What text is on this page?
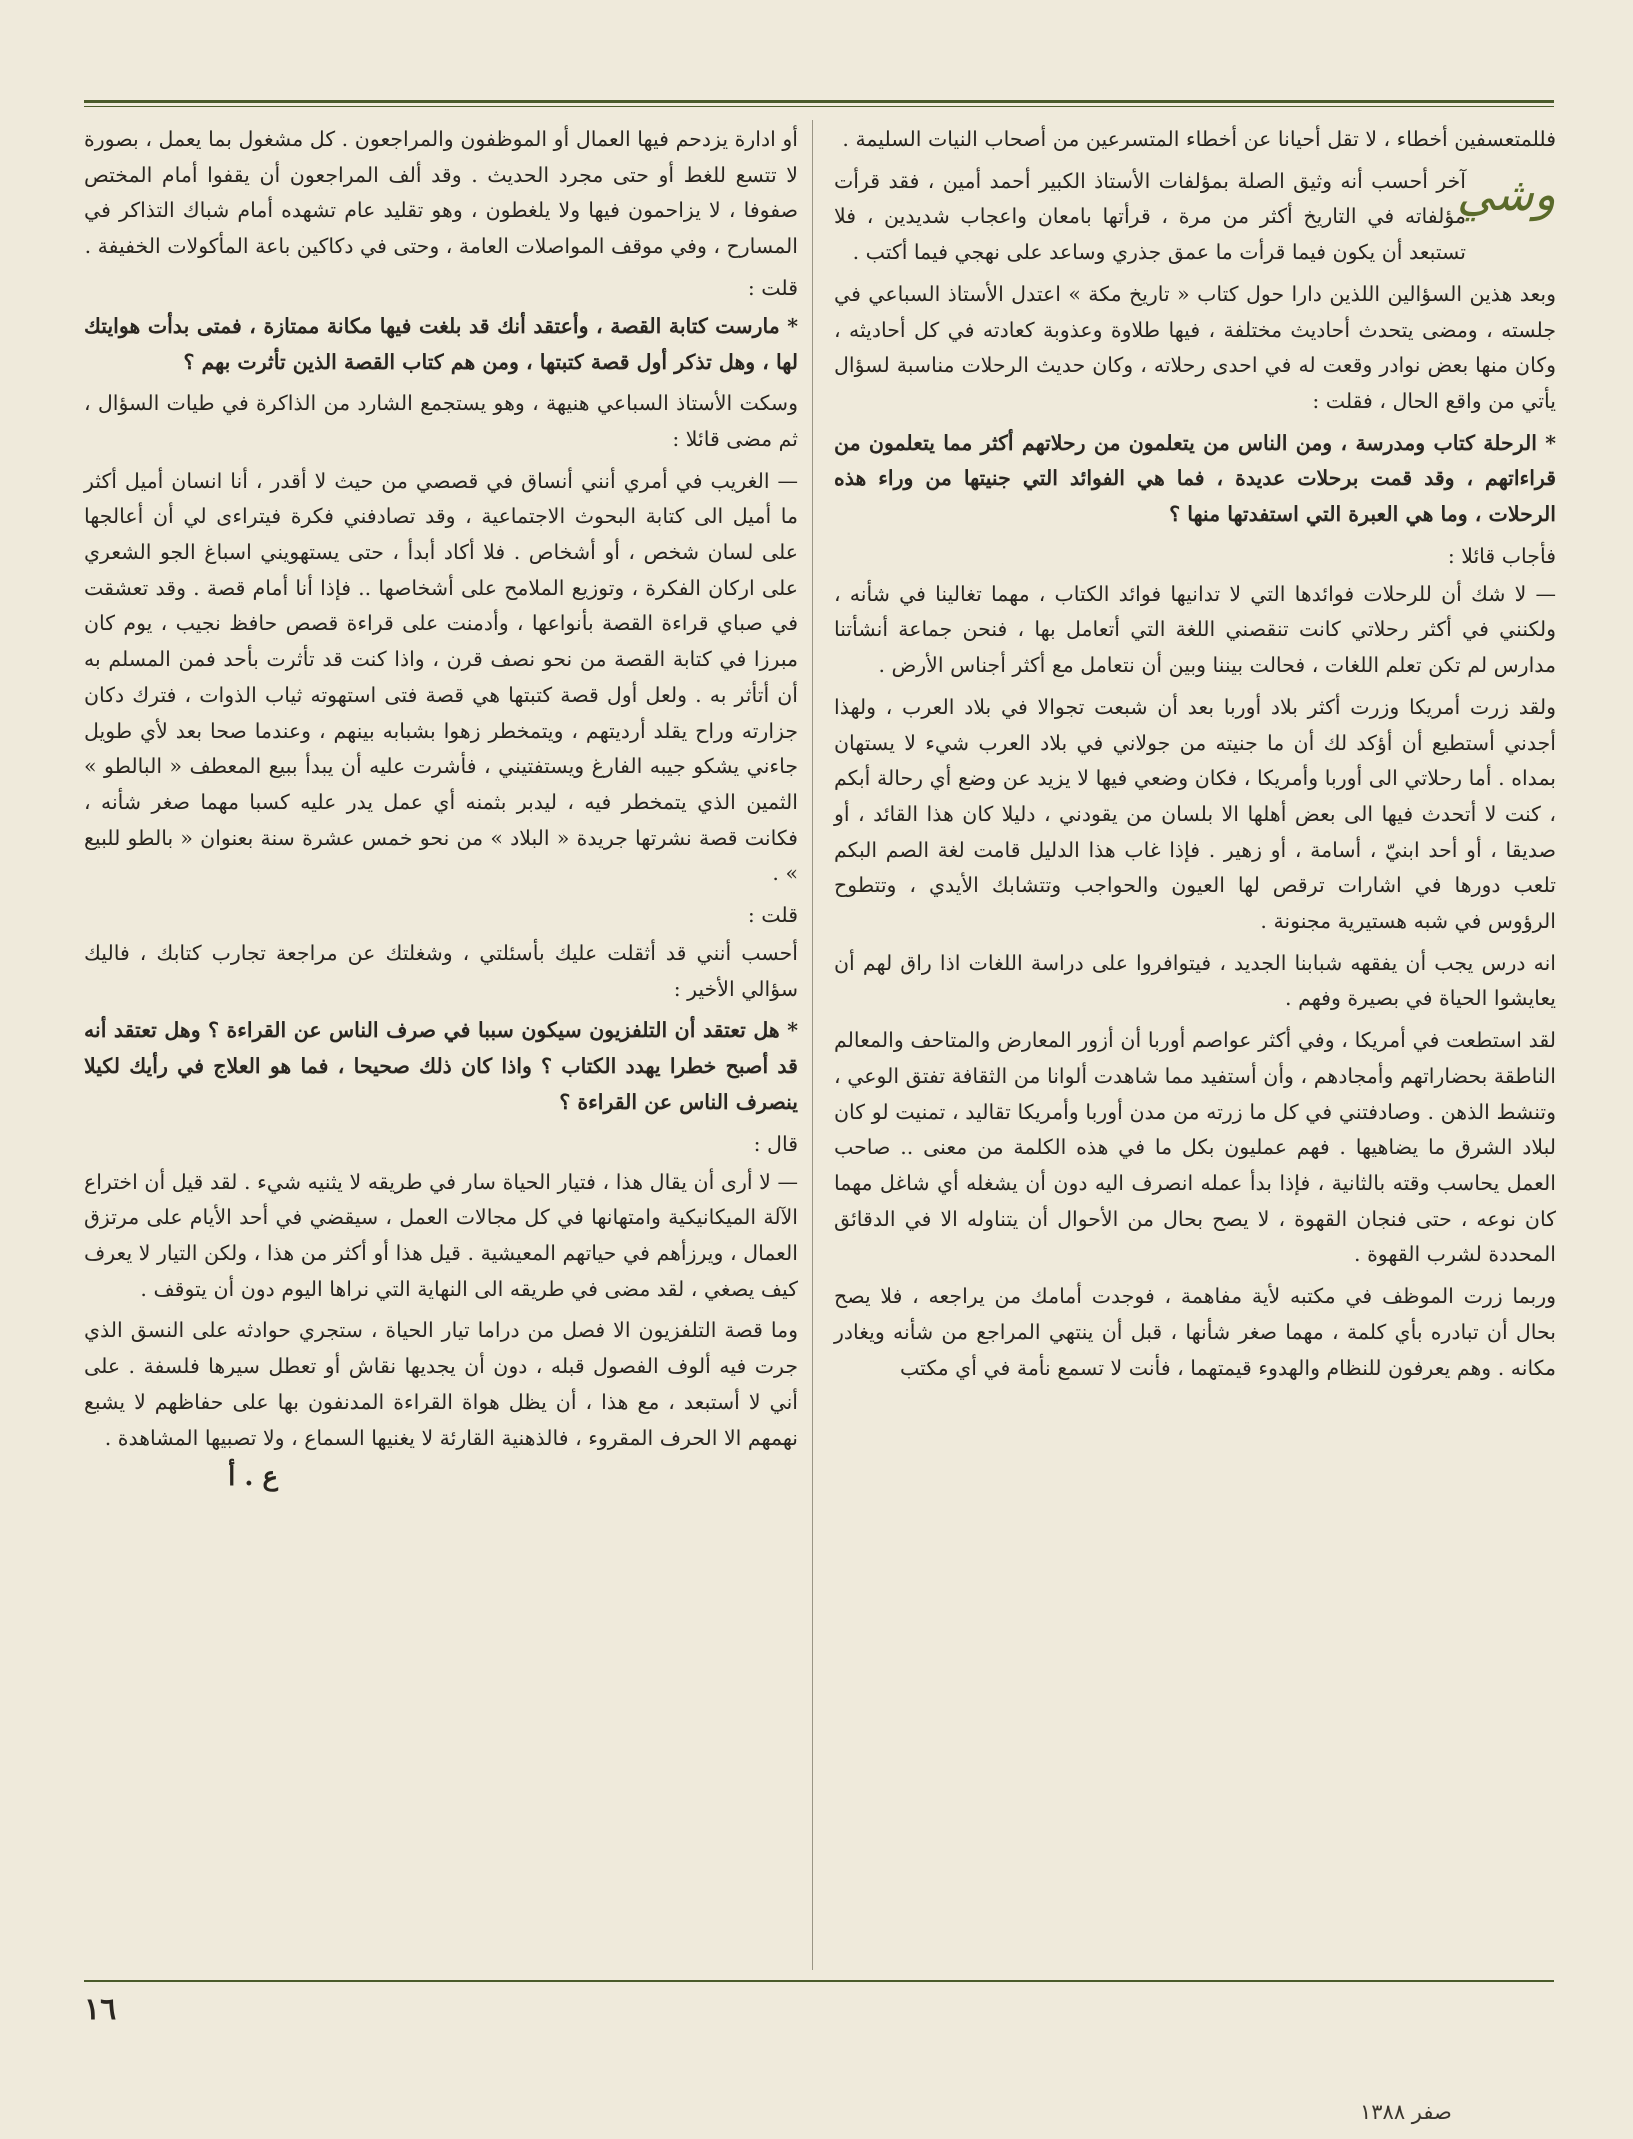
فللمتعسفين أخطاء ، لا تقل أحيانا عن أخطاء المتسرعين من أصحاب النيات السليمة .

وشي

آخر أحسب أنه وثيق الصلة بمؤلفات الأستاذ الكبير أحمد أمين ، فقد قرأت مؤلفاته في التاريخ أكثر من مرة ، قرأتها بامعان واعجاب شديدين ، فلا تستبعد أن يكون فيما قرأت ما عمق جذري وساعد على نهجي فيما أكتب .

وبعد هذين السؤالين اللذين دارا حول كتاب « تاريخ مكة » اعتدل الأستاذ السباعي في جلسته ، ومضى يتحدث أحاديث مختلفة ، فيها طلاوة وعذوبة كعادته في كل أحاديثه ، وكان منها بعض نوادر وقعت له في احدى رحلاته ، وكان حديث الرحلات مناسبة لسؤال يأتي من واقع الحال ، فقلت :

* الرحلة كتاب ومدرسة ، ومن الناس من يتعلمون من رحلاتهم أكثر مما يتعلمون من قراءاتهم ، وقد قمت برحلات عديدة ، فما هي الفوائد التي جنيتها من وراء هذه الرحلات ، وما هي العبرة التي استفدتها منها ؟

فأجاب قائلا :

— لا شك أن للرحلات فوائدها التي لا تدانيها فوائد الكتاب ، مهما تغالينا في شأنه ، ولكنني في أكثر رحلاتي كانت تنقصني اللغة التي أتعامل بها ، فنحن جماعة أنشأتنا مدارس لم تكن تعلم اللغات ، فحالت بيننا وبين أن نتعامل مع أكثر أجناس الأرض .

ولقد زرت أمريكا وزرت أكثر بلاد أوربا بعد أن شبعت تجوالا في بلاد العرب ، ولهذا أجدني أستطيع أن أؤكد لك أن ما جنيته من جولاني في بلاد العرب شيء لا يستهان بمداه . أما رحلاتي الى أوربا وأمريكا ، فكان وضعي فيها لا يزيد عن وضع أي رحالة أبكم ، كنت لا أتحدث فيها الى بعض أهلها الا بلسان من يقودني ، دليلا كان هذا القائد ، أو صديقا ، أو أحد ابنيّ ، أسامة ، أو زهير . فإذا غاب هذا الدليل قامت لغة الصم البكم تلعب دورها في اشارات ترقص لها العيون والحواجب وتتشابك الأيدي ، وتتطوح الرؤوس في شبه هستيرية مجنونة .

انه درس يجب أن يفقهه شبابنا الجديد ، فيتوافروا على دراسة اللغات اذا راق لهم أن يعايشوا الحياة في بصيرة وفهم .

لقد استطعت في أمريكا ، وفي أكثر عواصم أوربا أن أزور المعارض والمتاحف والمعالم الناطقة بحضاراتهم وأمجادهم ، وأن أستفيد مما شاهدت ألوانا من الثقافة تفتق الوعي ، وتنشط الذهن . وصادفتني في كل ما زرته من مدن أوربا وأمريكا تقاليد ، تمنيت لو كان لبلاد الشرق ما يضاهيها . فهم عمليون بكل ما في هذه الكلمة من معنى .. صاحب العمل يحاسب وقته بالثانية ، فإذا بدأ عمله انصرف اليه دون أن يشغله أي شاغل مهما كان نوعه ، حتى فنجان القهوة ، لا يصح بحال من الأحوال أن يتناوله الا في الدقائق المحددة لشرب القهوة .

وربما زرت الموظف في مكتبه لأية مفاهمة ، فوجدت أمامك من يراجعه ، فلا يصح بحال أن تبادره بأي كلمة ، مهما صغر شأنها ، قبل أن ينتهي المراجع من شأنه ويغادر مكانه . وهم يعرفون للنظام والهدوء قيمتهما ، فأنت لا تسمع نأمة في أي مكتب

أو ادارة يزدحم فيها العمال أو الموظفون والمراجعون . كل مشغول بما يعمل ، بصورة لا تتسع للغط أو حتى مجرد الحديث . وقد ألف المراجعون أن يقفوا أمام المختص صفوفا ، لا يزاحمون فيها ولا يلغطون ، وهو تقليد عام تشهده أمام شباك التذاكر في المسارح ، وفي موقف المواصلات العامة ، وحتى في دكاكين باعة المأكولات الخفيفة .

قلت :

* مارست كتابة القصة ، وأعتقد أنك قد بلغت فيها مكانة ممتازة ، فمتى بدأت هوايتك لها ، وهل تذكر أول قصة كتبتها ، ومن هم كتاب القصة الذين تأثرت بهم ؟

وسكت الأستاذ السباعي هنيهة ، وهو يستجمع الشارد من الذاكرة في طيات السؤال ، ثم مضى قائلا :

— الغريب في أمري أنني أنساق في قصصي من حيث لا أقدر ، أنا انسان أميل أكثر ما أميل الى كتابة البحوث الاجتماعية ، وقد تصادفني فكرة فيتراءى لي أن أعالجها على لسان شخص ، أو أشخاص . فلا أكاد أبدأ ، حتى يستهويني اسباغ الجو الشعري على اركان الفكرة ، وتوزيع الملامح على أشخاصها .. فإذا أنا أمام قصة . وقد تعشقت في صباي قراءة القصة بأنواعها ، وأدمنت على قراءة قصص حافظ نجيب ، يوم كان مبرزا في كتابة القصة من نحو نصف قرن ، واذا كنت قد تأثرت بأحد فمن المسلم به أن أتأثر به . ولعل أول قصة كتبتها هي قصة فتى استهوته ثياب الذوات ، فترك دكان جزارته وراح يقلد أرديتهم ، ويتمخطر زهوا بشبابه بينهم ، وعندما صحا بعد لأي طويل جاءني يشكو جيبه الفارغ ويستفتيني ، فأشرت عليه أن يبدأ ببيع المعطف « البالطو » الثمين الذي يتمخطر فيه ، ليدبر بثمنه أي عمل يدر عليه كسبا مهما صغر شأنه ، فكانت قصة نشرتها جريدة « البلاد » من نحو خمس عشرة سنة بعنوان « بالطو للبيع » .

قلت :

أحسب أنني قد أثقلت عليك بأسئلتي ، وشغلتك عن مراجعة تجارب كتابك ، فاليك سؤالي الأخير :

* هل تعتقد أن التلفزيون سيكون سببا في صرف الناس عن القراءة ؟ وهل تعتقد أنه قد أصبح خطرا يهدد الكتاب ؟ واذا كان ذلك صحيحا ، فما هو العلاج في رأيك لكيلا ينصرف الناس عن القراءة ؟

قال :

— لا أرى أن يقال هذا ، فتيار الحياة سار في طريقه لا يثنيه شيء . لقد قيل أن اختراع الآلة الميكانيكية وامتهانها في كل مجالات العمل ، سيقضي في أحد الأيام على مرتزق العمال ، ويرزأهم في حياتهم المعيشية . قيل هذا أو أكثر من هذا ، ولكن التيار لا يعرف كيف يصغي ، لقد مضى في طريقه الى النهاية التي نراها اليوم دون أن يتوقف .

وما قصة التلفزيون الا فصل من دراما تيار الحياة ، ستجري حوادثه على النسق الذي جرت فيه ألوف الفصول قبله ، دون أن يجديها نقاش أو تعطل سيرها فلسفة . على أني لا أستبعد ، مع هذا ، أن يظل هواة القراءة المدنفون بها على حفاظهم لا يشبع نهمهم الا الحرف المقروء ، فالذهنية القارئة لا يغنيها السماع ، ولا تصبيها المشاهدة .

ع . أ
١٦
صفر ١٣٨٨
